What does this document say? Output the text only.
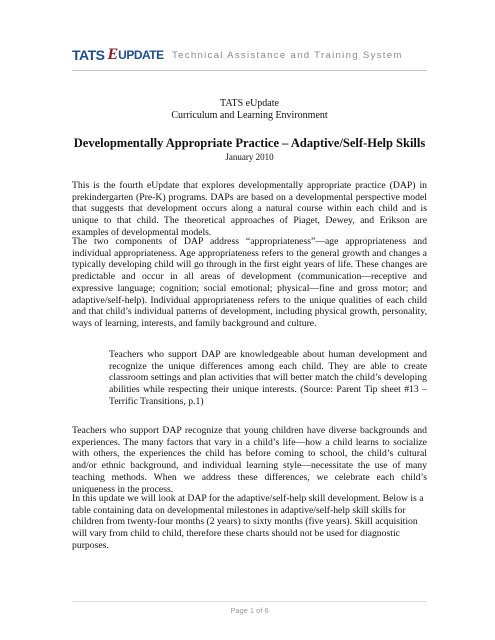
TATS E UPDATE Technical Assistance and Training System
TATS eUpdate
Curriculum and Learning Environment
Developmentally Appropriate Practice – Adaptive/Self-Help Skills
January 2010

This is the fourth eUpdate that explores developmentally appropriate practice (DAP) in prekindergarten (Pre-K) programs. DAPs are based on a developmental perspective model that suggests that development occurs along a natural course within each child and is unique to that child. The theoretical approaches of Piaget, Dewey, and Erikson are examples of developmental models.

The two components of DAP address “appropriateness”—age appropriateness and individual appropriateness. Age appropriateness refers to the general growth and changes a typically developing child will go through in the first eight years of life. These changes are predictable and occur in all areas of development (communication—receptive and expressive language; cognition; social emotional; physical—fine and gross motor; and adaptive/self-help). Individual appropriateness refers to the unique qualities of each child and that child’s individual patterns of development, including physical growth, personality, ways of learning, interests, and family background and culture.

Teachers who support DAP are knowledgeable about human development and recognize the unique differences among each child. They are able to create classroom settings and plan activities that will better match the child’s developing abilities while respecting their unique interests. (Source: Parent Tip sheet #13 – Terrific Transitions, p.1)

Teachers who support DAP recognize that young children have diverse backgrounds and experiences. The many factors that vary in a child’s life—how a child learns to socialize with others, the experiences the child has before coming to school, the child’s cultural and/or ethnic background, and individual learning style—necessitate the use of many teaching methods. When we address these differences, we celebrate each child’s uniqueness in the process.

In this update we will look at DAP for the adaptive/self-help skill development. Below is a table containing data on developmental milestones in adaptive/self-help skill skills for children from twenty-four months (2 years) to sixty months (five years). Skill acquisition will vary from child to child, therefore these charts should not be used for diagnostic purposes.

Page 1 of 6
